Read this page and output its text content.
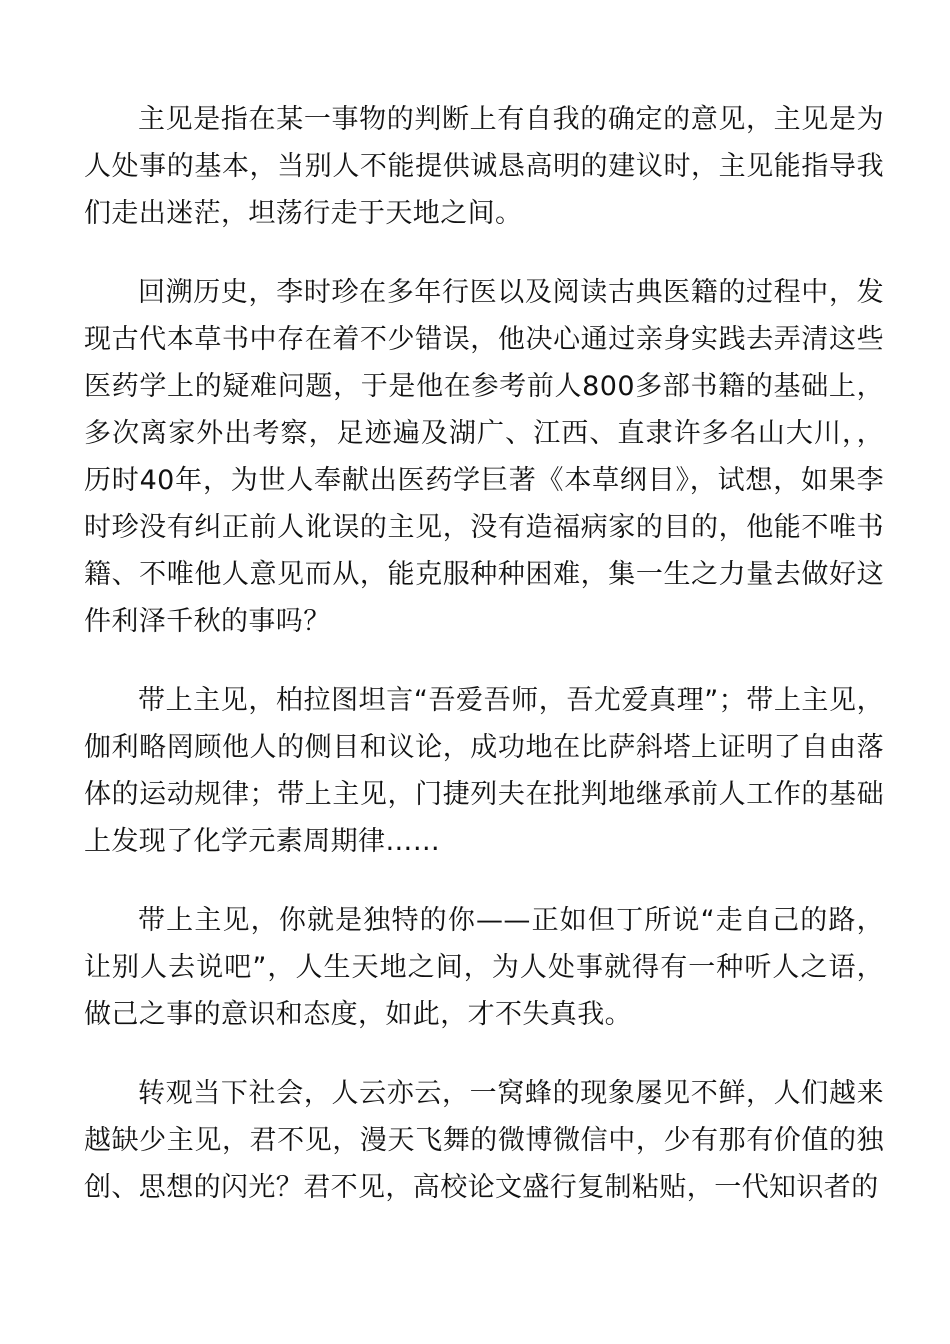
主见是指在某一事物的判断上有自我的确定的意见，主见是为人处事的基本，当别人不能提供诚恳高明的建议时，主见能指导我们走出迷茫，坦荡行走于天地之间。

回溯历史，李时珍在多年行医以及阅读古典医籍的过程中，发现古代本草书中存在着不少错误，他决心通过亲身实践去弄清这些医药学上的疑难问题，于是他在参考前人800多部书籍的基础上，多次离家外出考察，足迹遍及湖广、江西、直隶许多名山大川，，历时40年，为世人奉献出医药学巨著《本草纲目》，试想，如果李时珍没有纠正前人讹误的主见，没有造福病家的目的，他能不唯书籍、不唯他人意见而从，能克服种种困难，集一生之力量去做好这件利泽千秋的事吗？

带上主见，柏拉图坦言“吾爱吾师，吾尤爱真理”；带上主见，伽利略罔顾他人的侧目和议论，成功地在比萨斜塔上证明了自由落体的运动规律；带上主见，门捷列夫在批判地继承前人工作的基础上发现了化学元素周期律……

带上主见，你就是独特的你——正如但丁所说“走自己的路，让别人去说吧”，人生天地之间，为人处事就得有一种听人之语，做己之事的意识和态度，如此，才不失真我。

转观当下社会，人云亦云，一窝蜂的现象屡见不鲜，人们越来越缺少主见，君不见，漫天飞舞的微博微信中，少有那有价值的独创、思想的闪光？君不见，高校论文盛行复制粘贴，一代知识者的
